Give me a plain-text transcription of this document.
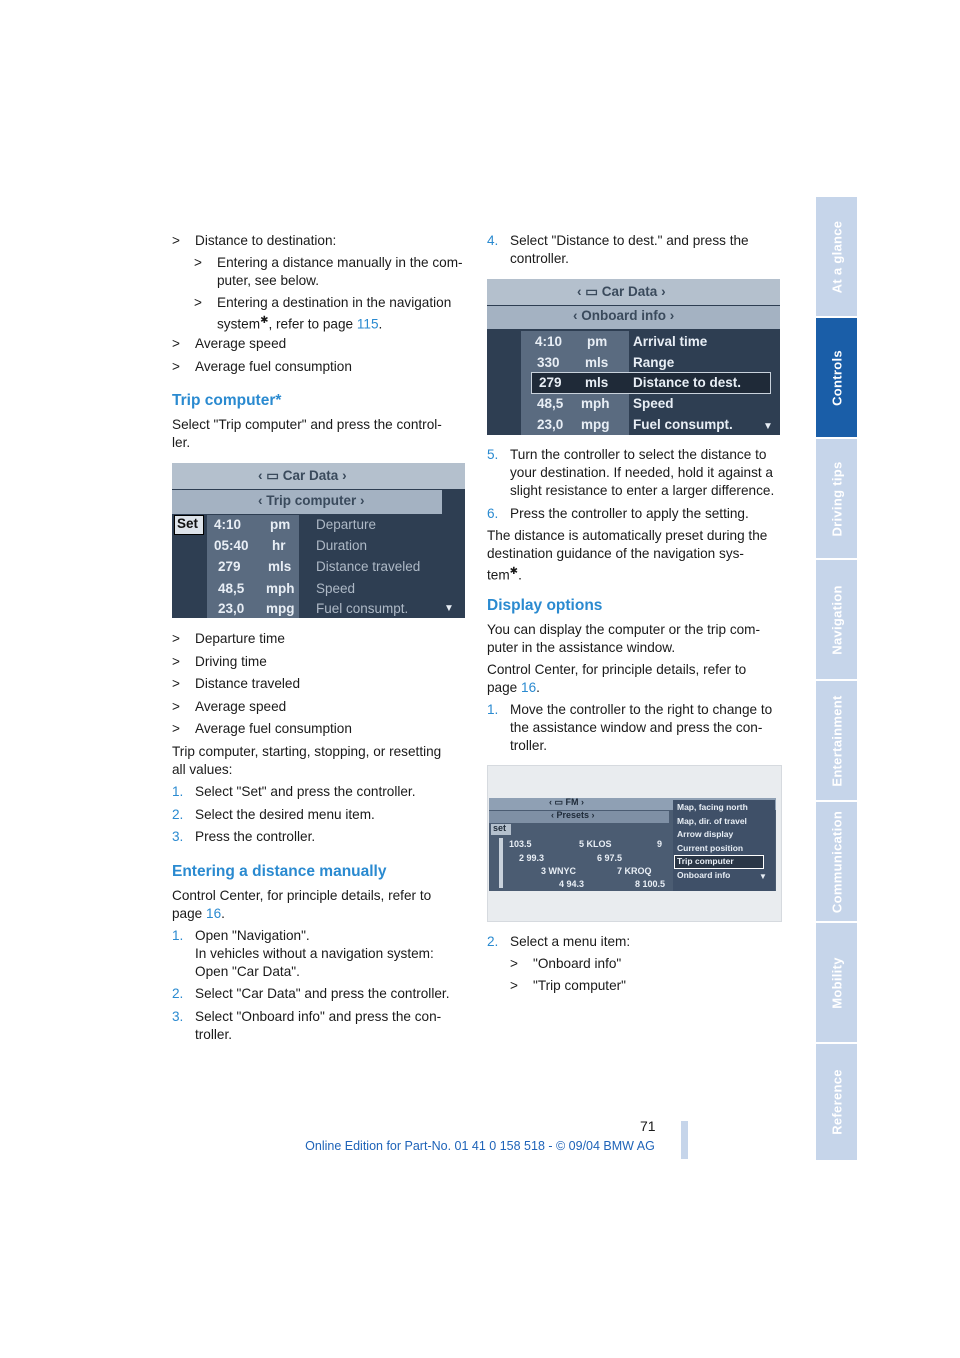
At a glance
Controls
Driving tips
Navigation
Entertainment
Communication
Mobility
Reference
> Distance to destination:
> Entering a distance manually in the com-
puter, see below.
> Entering a destination in the navigation
system✱, refer to page 115.
> Average speed
> Average fuel consumption
Trip computer*
Select "Trip computer" and press the control-
ler.
‹ ▭ Car Data ›
‹ Trip computer ›
Set 4:10 pm Departure
05:40 hr Duration
279 mls Distance traveled
48,5 mph Speed
23,0 mpg Fuel consumpt.	▼
> Departure time
> Driving time
> Distance traveled
> Average speed
> Average fuel consumption
Trip computer, starting, stopping, or resetting
all values:
1. Select "Set" and press the controller.
2. Select the desired menu item.
3. Press the controller.
Entering a distance manually
Control Center, for principle details, refer to
page 16.
1. Open "Navigation".
In vehicles without a navigation system:
Open "Car Data".
2. Select "Car Data" and press the controller.
3. Select "Onboard info" and press the con-
troller.
4. Select "Distance to dest." and press the
controller.
‹ ▭ Car Data ›
‹ Onboard info ›
4:10 pm Arrival time
330 mls Range
279 mls Distance to dest.
48,5 mph Speed
23,0 mpg Fuel consumpt.	▼
5. Turn the controller to select the distance to
your destination. If needed, hold it against a
slight resistance to enter a larger difference.
6. Press the controller to apply the setting.
The distance is automatically preset during the
destination guidance of the navigation sys-
tem✱.
Display options
You can display the computer or the trip com-
puter in the assistance window.
Control Center, for principle details, refer to
page 16.
1. Move the controller to the right to change to
the assistance window and press the con-
troller.
‹ ▭ FM ›
‹ Presets ›
set
103.5	5 KLOS	9
2 99.3	6 97.5
3 WNYC	7 KROQ
4 94.3	8 100.5
Map, facing north
Map, dir. of travel
Arrow display
Current position
Trip computer
Onboard info	▼
2. Select a menu item:
> "Onboard info"
> "Trip computer"
71
Online Edition for Part-No. 01 41 0 158 518 - © 09/04 BMW AG
